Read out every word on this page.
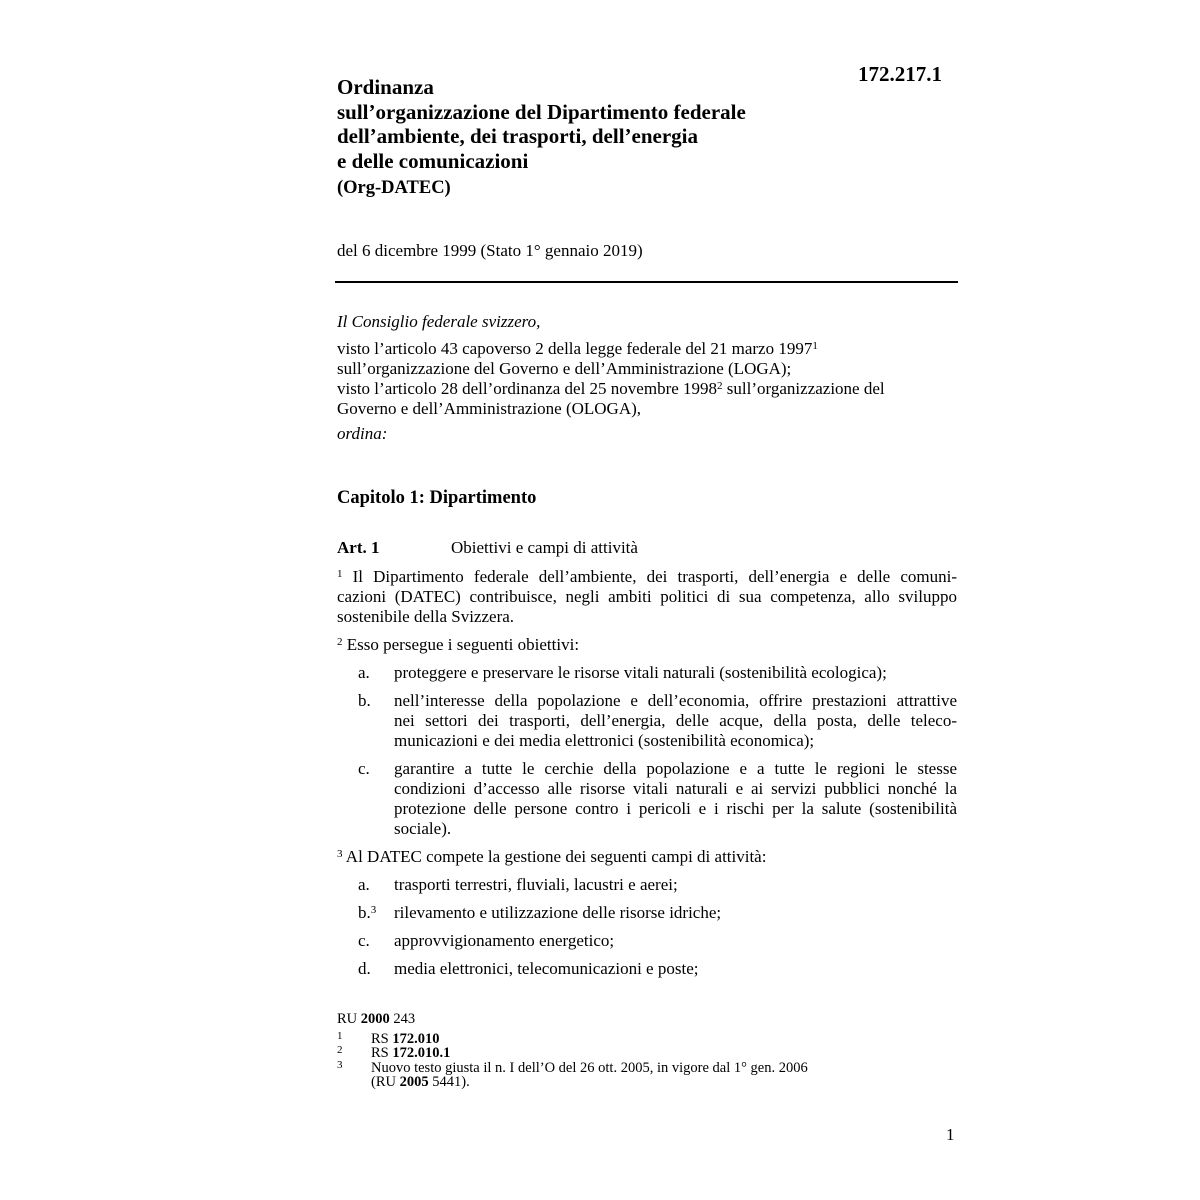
172.217.1
Ordinanza
sull’organizzazione del Dipartimento federale
dell’ambiente, dei trasporti, dell’energia
e delle comunicazioni
(Org-DATEC)
del 6 dicembre 1999 (Stato 1° gennaio 2019)
Il Consiglio federale svizzero,
visto l’articolo 43 capoverso 2 della legge federale del 21 marzo 1997$^1$
sull’organizzazione del Governo e dell’Amministrazione (LOGA);
visto l’articolo 28 dell’ordinanza del 25 novembre 1998$^2$ sull’organizzazione del
Governo e dell’Amministrazione (OLOGA),
ordina:
Capitolo 1: Dipartimento
Art. 1	Obiettivi e campi di attività
$^1$ Il Dipartimento federale dell’ambiente, dei trasporti, dell’energia e delle comuni-
cazioni (DATEC) contribuisce, negli ambiti politici di sua competenza, allo sviluppo
sostenibile della Svizzera.
$^2$ Esso persegue i seguenti obiettivi:
a. proteggere e preservare le risorse vitali naturali (sostenibilità ecologica);
b. nell’interesse della popolazione e dell’economia, offrire prestazioni attrattive
nei settori dei trasporti, dell’energia, delle acque, della posta, delle teleco-
municazioni e dei media elettronici (sostenibilità economica);
c. garantire a tutte le cerchie della popolazione e a tutte le regioni le stesse
condizioni d’accesso alle risorse vitali naturali e ai servizi pubblici nonché la
protezione delle persone contro i pericoli e i rischi per la salute (sostenibilità
sociale).
$^3$ Al DATEC compete la gestione dei seguenti campi di attività:
a. trasporti terrestri, fluviali, lacustri e aerei;
b.$^3$ rilevamento e utilizzazione delle risorse idriche;
c. approvvigionamento energetico;
d. media elettronici, telecomunicazioni e poste;
RU 2000 243
1 RS 172.010
2 RS 172.010.1
3 Nuovo testo giusta il n. I dell’O del 26 ott. 2005, in vigore dal 1° gen. 2006
(RU 2005 5441).
1
